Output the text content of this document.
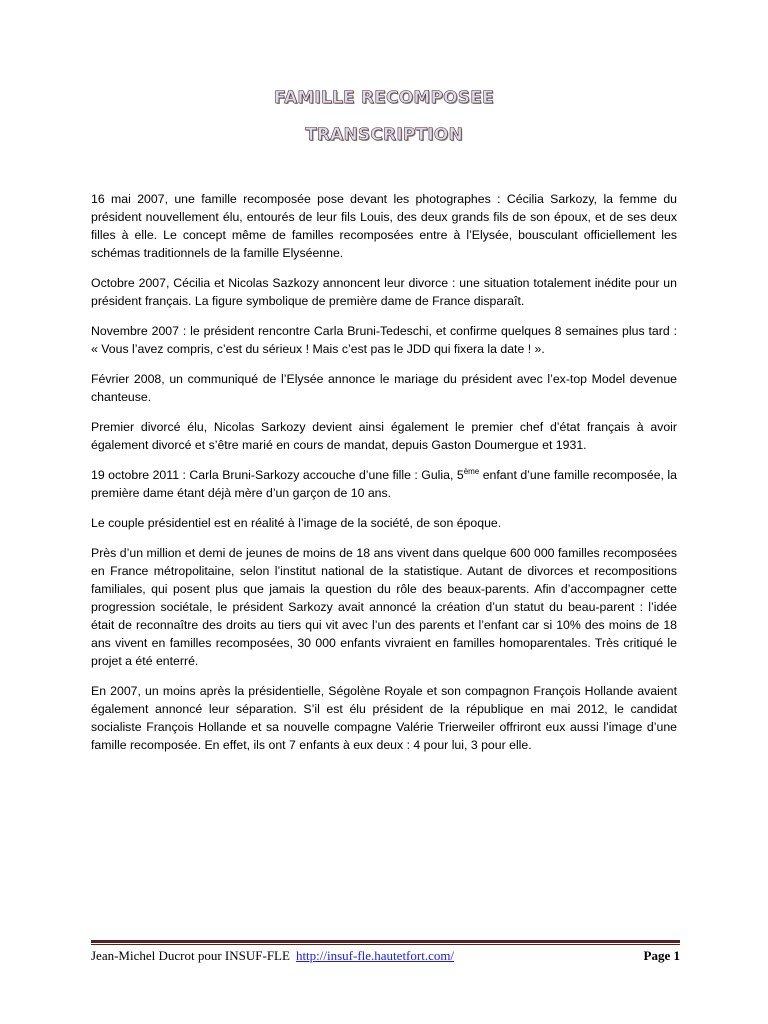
FAMILLE RECOMPOSEE
TRANSCRIPTION

16 mai 2007, une famille recomposée pose devant les photographes : Cécilia Sarkozy, la femme du président nouvellement élu, entourés de leur fils Louis, des deux grands fils de son époux, et de ses deux filles à elle. Le concept même de familles recomposées entre à l’Elysée, bousculant officiellement les schémas traditionnels de la famille Elyséenne.

Octobre 2007, Cécilia et Nicolas Sazkozy annoncent leur divorce : une situation totalement inédite pour un président français. La figure symbolique de première dame de France disparaît.

Novembre 2007 : le président rencontre Carla Bruni-Tedeschi, et confirme quelques 8 semaines plus tard : « Vous l’avez compris, c’est du sérieux ! Mais c’est pas le JDD qui fixera la date ! ».

Février 2008, un communiqué de l’Elysée annonce le mariage du président avec l’ex-top Model devenue chanteuse.

Premier divorcé élu, Nicolas Sarkozy devient ainsi également le premier chef d’état français à avoir également divorcé et s’être marié en cours de mandat, depuis Gaston Doumergue et 1931.

19 octobre 2011 : Carla Bruni-Sarkozy accouche d’une fille : Gulia, 5ème enfant d’une famille recomposée, la première dame étant déjà mère d’un garçon de 10 ans.

Le couple présidentiel est en réalité à l’image de la société, de son époque.

Près d’un million et demi de jeunes de moins de 18 ans vivent dans quelque 600 000 familles recomposées en France métropolitaine, selon l’institut national de la statistique. Autant de divorces et recompositions familiales, qui posent plus que jamais la question du rôle des beaux-parents. Afin d’accompagner cette progression sociétale, le président Sarkozy avait annoncé la création d’un statut du beau-parent : l’idée était de reconnaître des droits au tiers qui vit avec l’un des parents et l’enfant car si 10% des moins de 18 ans vivent en familles recomposées, 30 000 enfants vivraient en familles homoparentales. Très critiqué le projet a été enterré.

En 2007, un moins après la présidentielle, Ségolène Royale et son compagnon François Hollande avaient également annoncé leur séparation. S’il est élu président de la république en mai 2012, le candidat socialiste François Hollande et sa nouvelle compagne Valérie Trierweiler offriront eux aussi l’image d’une famille recomposée. En effet, ils ont 7 enfants à eux deux : 4 pour lui, 3 pour elle.

Jean-Michel Ducrot pour INSUF-FLE http://insuf-fle.hautetfort.com/	Page 1
